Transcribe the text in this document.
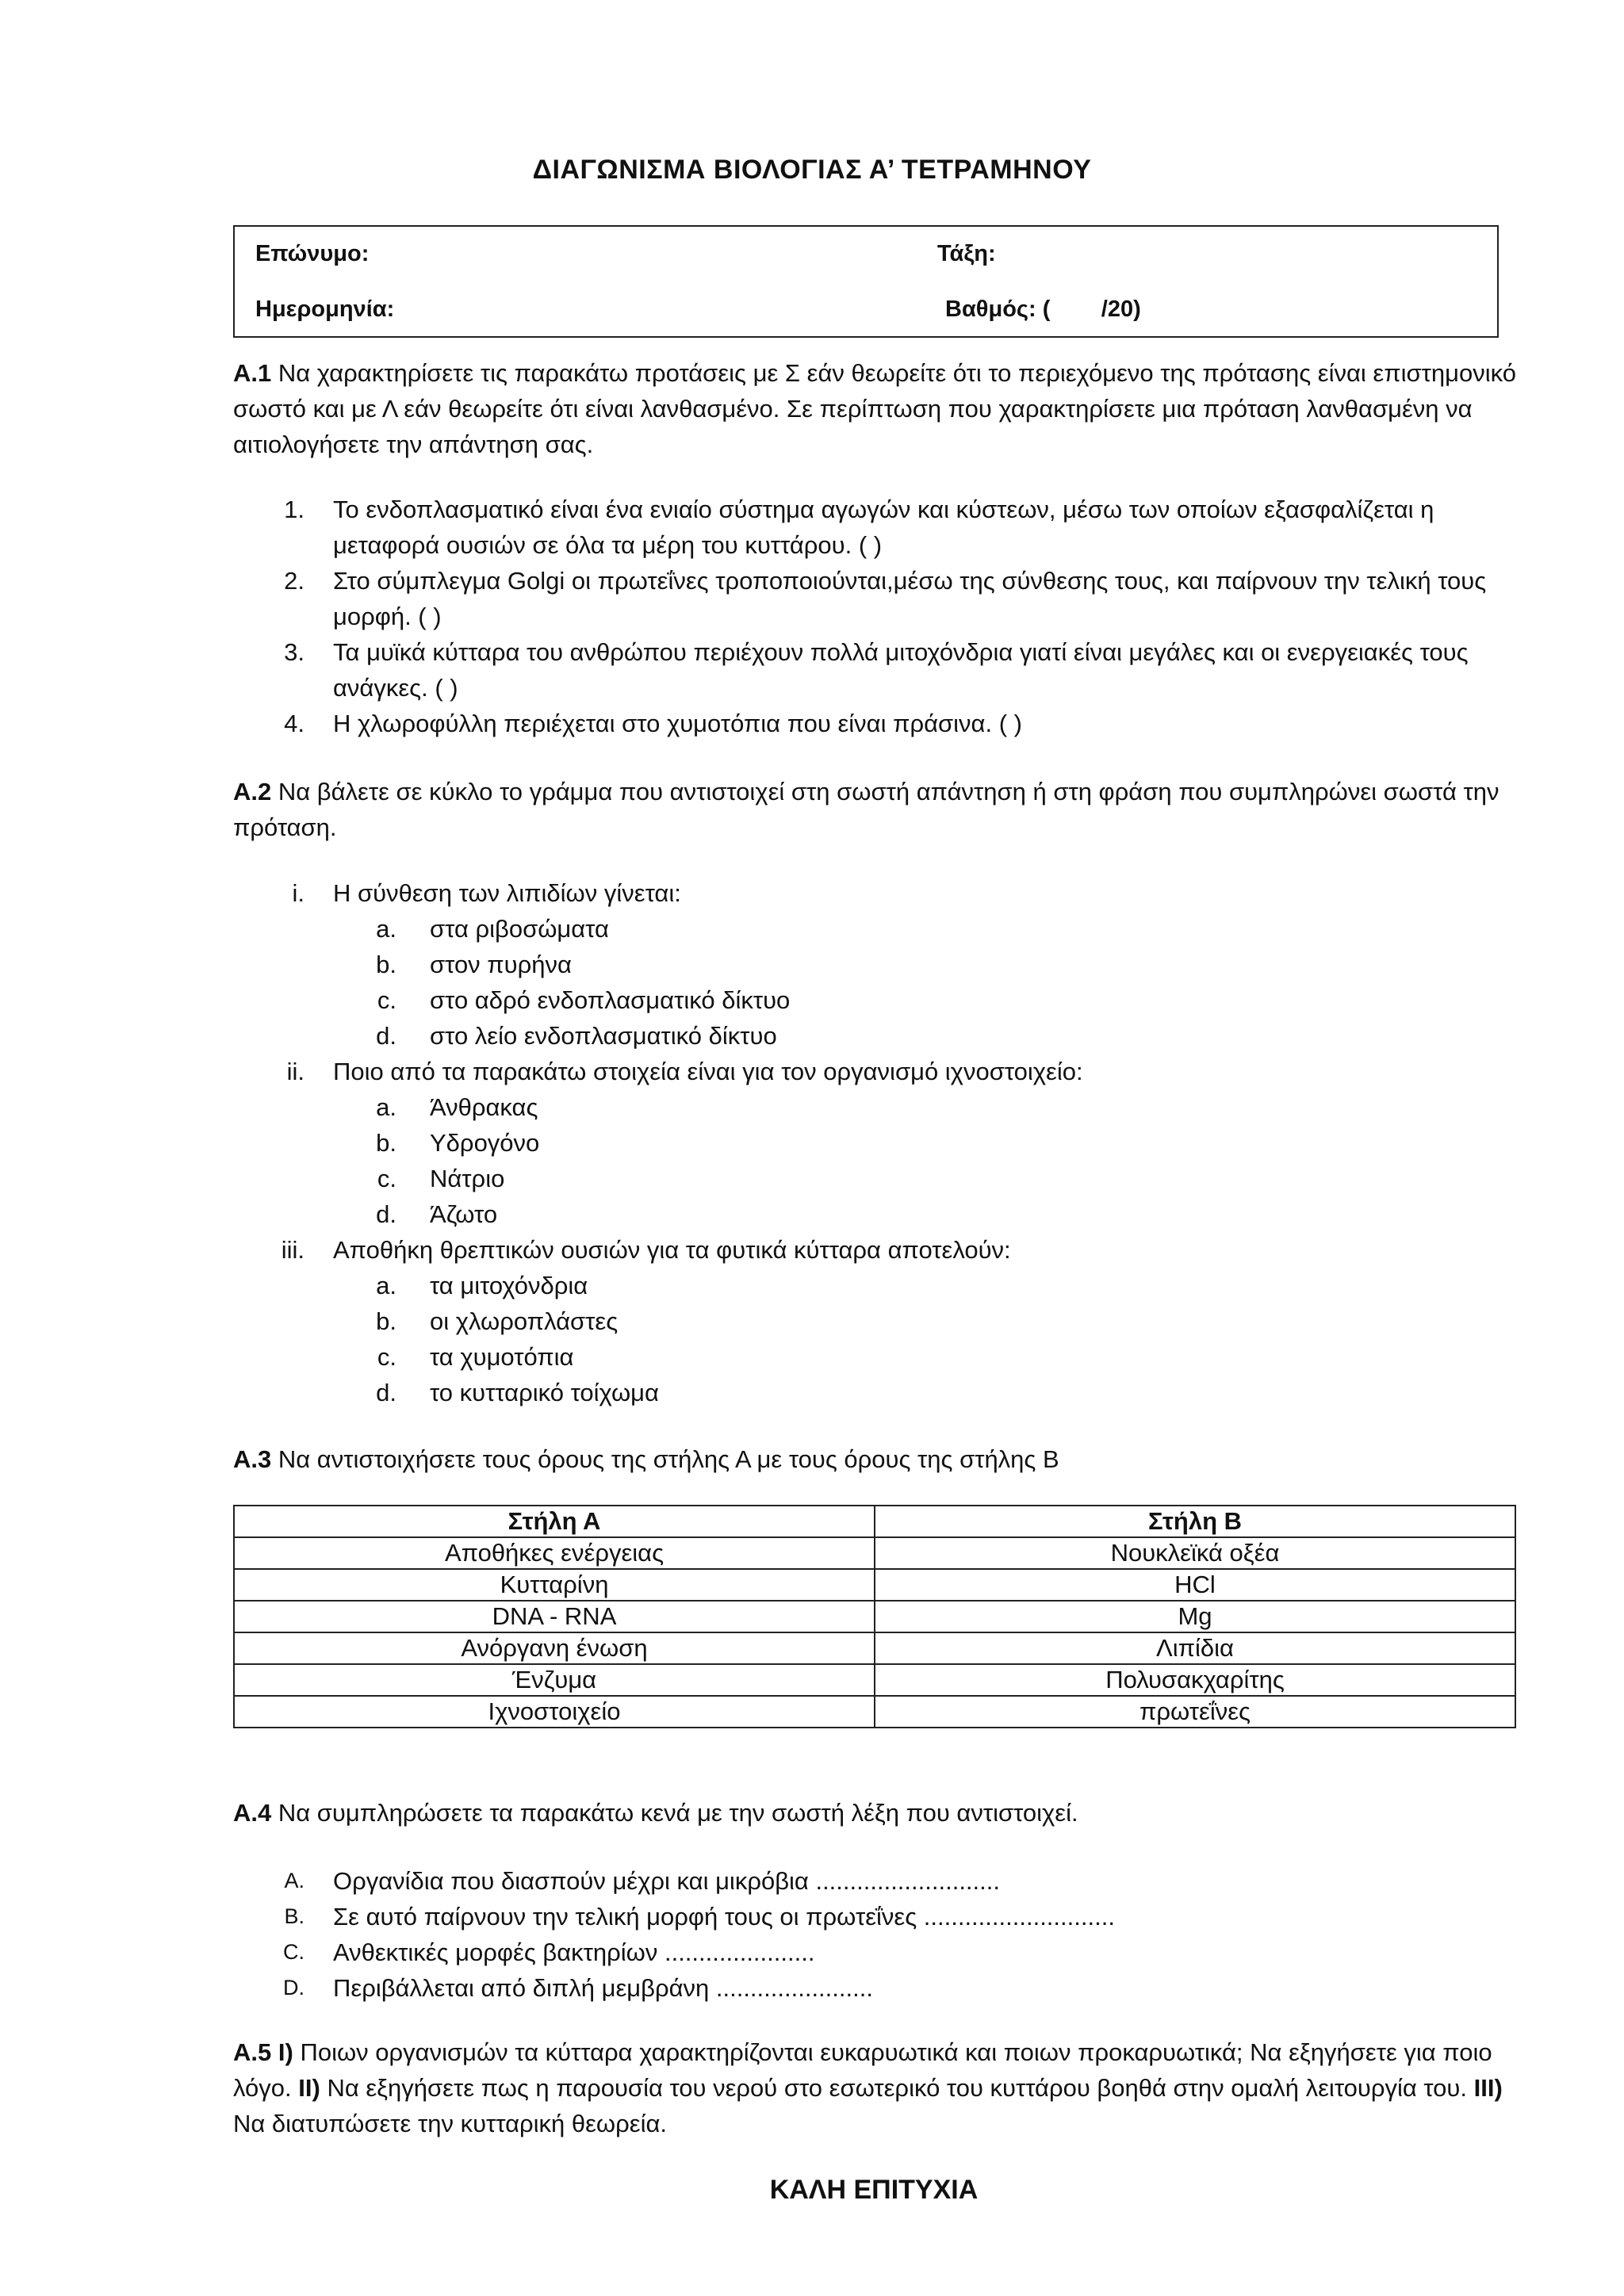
ΔΙΑΓΩΝΙΣΜΑ ΒΙΟΛΟΓΙΑΣ Α’ ΤΕΤΡΑΜΗΝΟΥ
Επώνυμο:	Τάξη:
Ημερομηνία:	Βαθμός: (        /20)
Α.1 Να χαρακτηρίσετε τις παρακάτω προτάσεις με Σ εάν θεωρείτε ότι το περιεχόμενο της πρότασης είναι επιστημονικό σωστό και με Λ εάν θεωρείτε ότι είναι λανθασμένο. Σε περίπτωση που χαρακτηρίσετε μια πρόταση λανθασμένη να αιτιολογήσετε την απάντηση σας.
1. Το ενδοπλασματικό είναι ένα ενιαίο σύστημα αγωγών και κύστεων, μέσω των οποίων εξασφαλίζεται η μεταφορά ουσιών σε όλα τα μέρη του κυττάρου. ( )
2. Στο σύμπλεγμα Golgi οι πρωτεΐνες τροποποιούνται,μέσω της σύνθεσης τους, και παίρνουν την τελική τους μορφή. ( )
3. Τα μυϊκά κύτταρα του ανθρώπου περιέχουν πολλά μιτοχόνδρια γιατί είναι μεγάλες και οι ενεργειακές τους ανάγκες. ( )
4. Η χλωροφύλλη περιέχεται στο χυμοτόπια που είναι πράσινα. ( )
Α.2 Να βάλετε σε κύκλο το γράμμα που αντιστοιχεί στη σωστή απάντηση ή στη φράση που συμπληρώνει σωστά την πρόταση.
i. Η σύνθεση των λιπιδίων γίνεται:
a. στα ριβοσώματα
b. στον πυρήνα
c. στο αδρό ενδοπλασματικό δίκτυο
d. στο λείο ενδοπλασματικό δίκτυο
ii. Ποιο από τα παρακάτω στοιχεία είναι για τον οργανισμό ιχνοστοιχείο:
a. Άνθρακας
b. Υδρογόνο
c. Νάτριο
d. Άζωτο
iii. Αποθήκη θρεπτικών ουσιών για τα φυτικά κύτταρα αποτελούν:
a. τα μιτοχόνδρια
b. οι χλωροπλάστες
c. τα χυμοτόπια
d. το κυτταρικό τοίχωμα
Α.3 Να αντιστοιχήσετε τους όρους της στήλης Α με τους όρους της στήλης Β
Στήλη Α	Στήλη Β
Αποθήκες ενέργειας	Νουκλεϊκά οξέα
Κυτταρίνη	HCl
DNA - RNA	Mg
Ανόργανη ένωση	Λιπίδια
Ένζυμα	Πολυσακχαρίτης
Ιχνοστοιχείο	πρωτεΐνες
Α.4 Να συμπληρώσετε τα παρακάτω κενά με την σωστή λέξη που αντιστοιχεί.
A. Οργανίδια που διασπούν μέχρι και μικρόβια ...........................
B. Σε αυτό παίρνουν την τελική μορφή τους οι πρωτεΐνες ............................
C. Ανθεκτικές μορφές βακτηρίων ......................
D. Περιβάλλεται από διπλή μεμβράνη .......................
Α.5 Ι) Ποιων οργανισμών τα κύτταρα χαρακτηρίζονται ευκαρυωτικά και ποιων προκαρυωτικά; Να εξηγήσετε για ποιο λόγο. ΙΙ) Να εξηγήσετε πως η παρουσία του νερού στο εσωτερικό του κυττάρου βοηθά στην ομαλή λειτουργία του. ΙΙΙ) Να διατυπώσετε την κυτταρική θεωρεία.
ΚΑΛΗ ΕΠΙΤΥΧΙΑ
